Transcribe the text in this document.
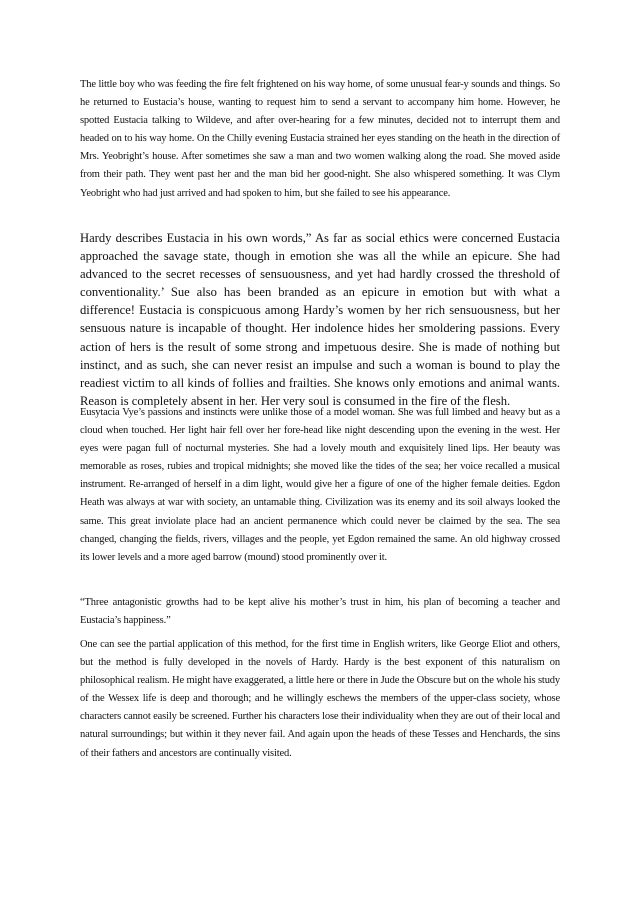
The little boy who was feeding the fire felt frightened on his way home, of some unusual fear-y sounds and things. So he returned to Eustacia’s house, wanting to request him to send a servant to accompany him home. However, he spotted Eustacia talking to Wildeve, and after over-hearing for a few minutes, decided not to interrupt them and headed on to his way home. On the Chilly evening Eustacia strained her eyes standing on the heath in the direction of Mrs. Yeobright’s house. After sometimes she saw a man and two women walking along the road. She moved aside from their path. They went past her and the man bid her good-night. She also whispered something. It was Clym Yeobright who had just arrived and had spoken to him, but she failed to see his appearance.

Hardy describes Eustacia in his own words,” As far as social ethics were concerned Eustacia approached the savage state, though in emotion she was all the while an epicure. She had advanced to the secret recesses of sensuousness, and yet had hardly crossed the threshold of conventionality.’ Sue also has been branded as an epicure in emotion but with what a difference! Eustacia is conspicuous among Hardy’s women by her rich sensuousness, but her sensuous nature is incapable of thought. Her indolence hides her smoldering passions. Every action of hers is the result of some strong and impetuous desire. She is made of nothing but instinct, and as such, she can never resist an impulse and such a woman is bound to play the readiest victim to all kinds of follies and frailties. She knows only emotions and animal wants. Reason is completely absent in her. Her very soul is consumed in the fire of the flesh.

Eusytacia Vye’s passions and instincts were unlike those of a model woman. She was full limbed and heavy but as a cloud when touched. Her light hair fell over her fore-head like night descending upon the evening in the west. Her eyes were pagan full of nocturnal mysteries. She had a lovely mouth and exquisitely lined lips. Her beauty was memorable as roses, rubies and tropical midnights; she moved like the tides of the sea; her voice recalled a musical instrument. Re-arranged of herself in a dim light, would give her a figure of one of the higher female deities. Egdon Heath was always at war with society, an untamable thing. Civilization was its enemy and its soil always looked the same. This great inviolate place had an ancient permanence which could never be claimed by the sea. The sea changed, changing the fields, rivers, villages and the people, yet Egdon remained the same. An old highway crossed its lower levels and a more aged barrow (mound) stood prominently over it.

“Three antagonistic growths had to be kept alive his mother’s trust in him, his plan of becoming a teacher and Eustacia’s happiness.”

One can see the partial application of this method, for the first time in English writers, like George Eliot and others, but the method is fully developed in the novels of Hardy. Hardy is the best exponent of this naturalism on philosophical realism. He might have exaggerated, a little here or there in Jude the Obscure but on the whole his study of the Wessex life is deep and thorough; and he willingly eschews the members of the upper-class society, whose characters cannot easily be screened. Further his characters lose their individuality when they are out of their local and natural surroundings; but within it they never fail. And again upon the heads of these Tesses and Henchards, the sins of their fathers and ancestors are continually visited.
